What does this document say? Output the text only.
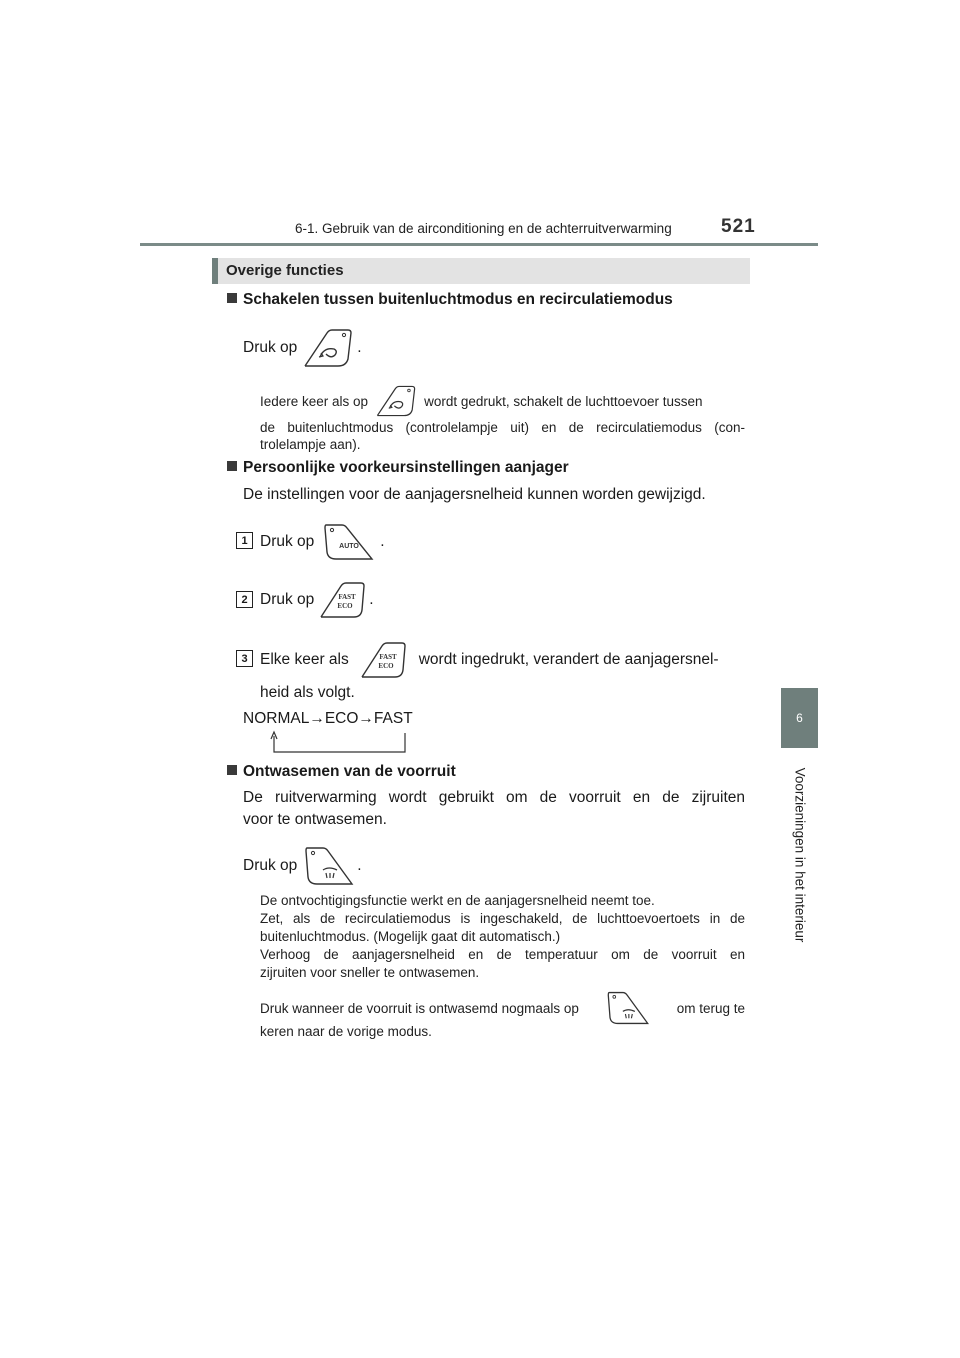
6-1. Gebruik van de airconditioning en de achterruitverwarming	521
6
Voorzieningen in het interieur
Overige functies
Schakelen tussen buitenluchtmodus en recirculatiemodus
Druk op	.
Iedere keer als op	wordt gedrukt, schakelt de luchttoevoer tussen
de buitenluchtmodus (controlelampje uit) en de recirculatiemodus (con-
trolelampje aan).
Persoonlijke voorkeursinstellingen aanjager
De instellingen voor de aanjagersnelheid kunnen worden gewijzigd.
1 Druk op	AUTO .
2 Druk op	FAST
ECO .
3 Elke keer als	FAST
ECO wordt ingedrukt, verandert de aanjagersnel-
heid als volgt.
NORMAL→ECO→FAST
Ontwasemen van de voorruit
De ruitverwarming wordt gebruikt om de voorruit en de zijruiten
voor te ontwasemen.
Druk op	.
De ontvochtigingsfunctie werkt en de aanjagersnelheid neemt toe.
Zet, als de recirculatiemodus is ingeschakeld, de luchttoevoertoets in de
buitenluchtmodus. (Mogelijk gaat dit automatisch.)
Verhoog de aanjagersnelheid en de temperatuur om de voorruit en
zijruiten voor sneller te ontwasemen.
Druk wanneer de voorruit is ontwasemd nogmaals op	om terug te
keren naar de vorige modus.
